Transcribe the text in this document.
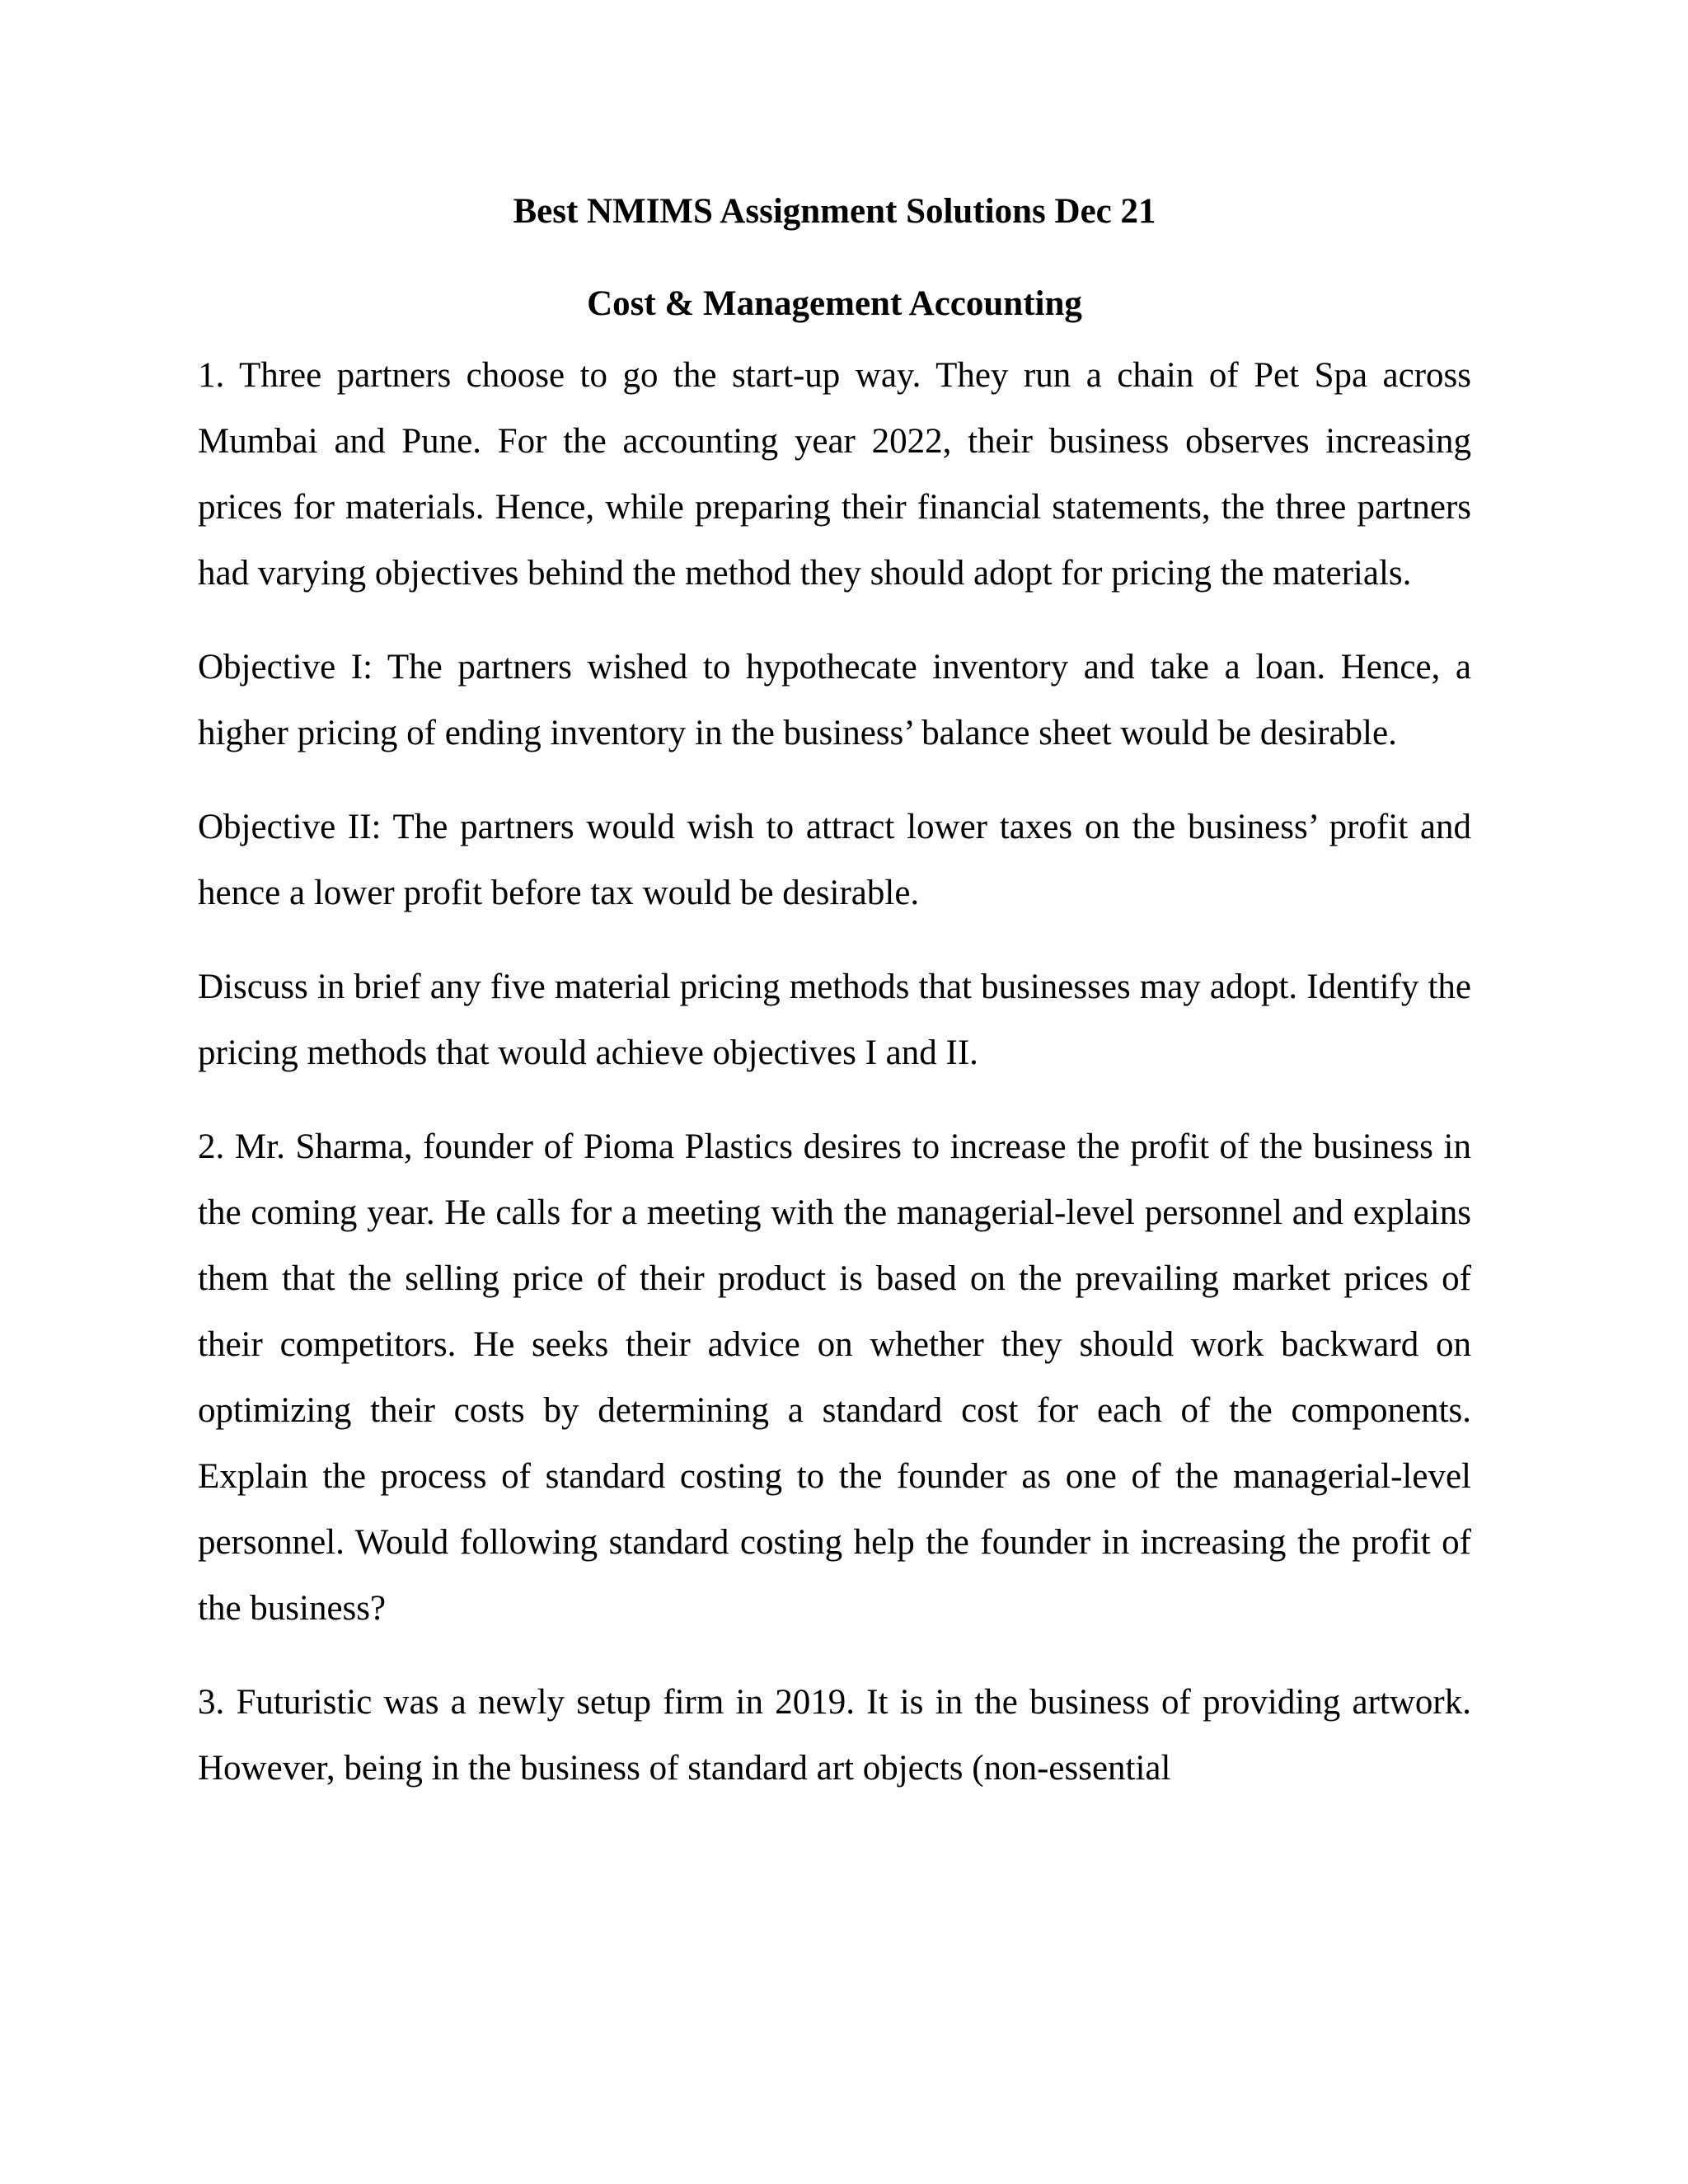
Best NMIMS Assignment Solutions Dec 21
Cost & Management Accounting

1. Three partners choose to go the start-up way. They run a chain of Pet Spa across Mumbai and Pune. For the accounting year 2022, their business observes increasing prices for materials. Hence, while preparing their financial statements, the three partners had varying objectives behind the method they should adopt for pricing the materials.

Objective I: The partners wished to hypothecate inventory and take a loan. Hence, a higher pricing of ending inventory in the business’ balance sheet would be desirable.

Objective II: The partners would wish to attract lower taxes on the business’ profit and hence a lower profit before tax would be desirable.

Discuss in brief any five material pricing methods that businesses may adopt. Identify the pricing methods that would achieve objectives I and II.

2. Mr. Sharma, founder of Pioma Plastics desires to increase the profit of the business in the coming year. He calls for a meeting with the managerial-level personnel and explains them that the selling price of their product is based on the prevailing market prices of their competitors. He seeks their advice on whether they should work backward on optimizing their costs by determining a standard cost for each of the components. Explain the process of standard costing to the founder as one of the managerial-level personnel. Would following standard costing help the founder in increasing the profit of the business?

3. Futuristic was a newly setup firm in 2019. It is in the business of providing artwork. However, being in the business of standard art objects (non-essential
